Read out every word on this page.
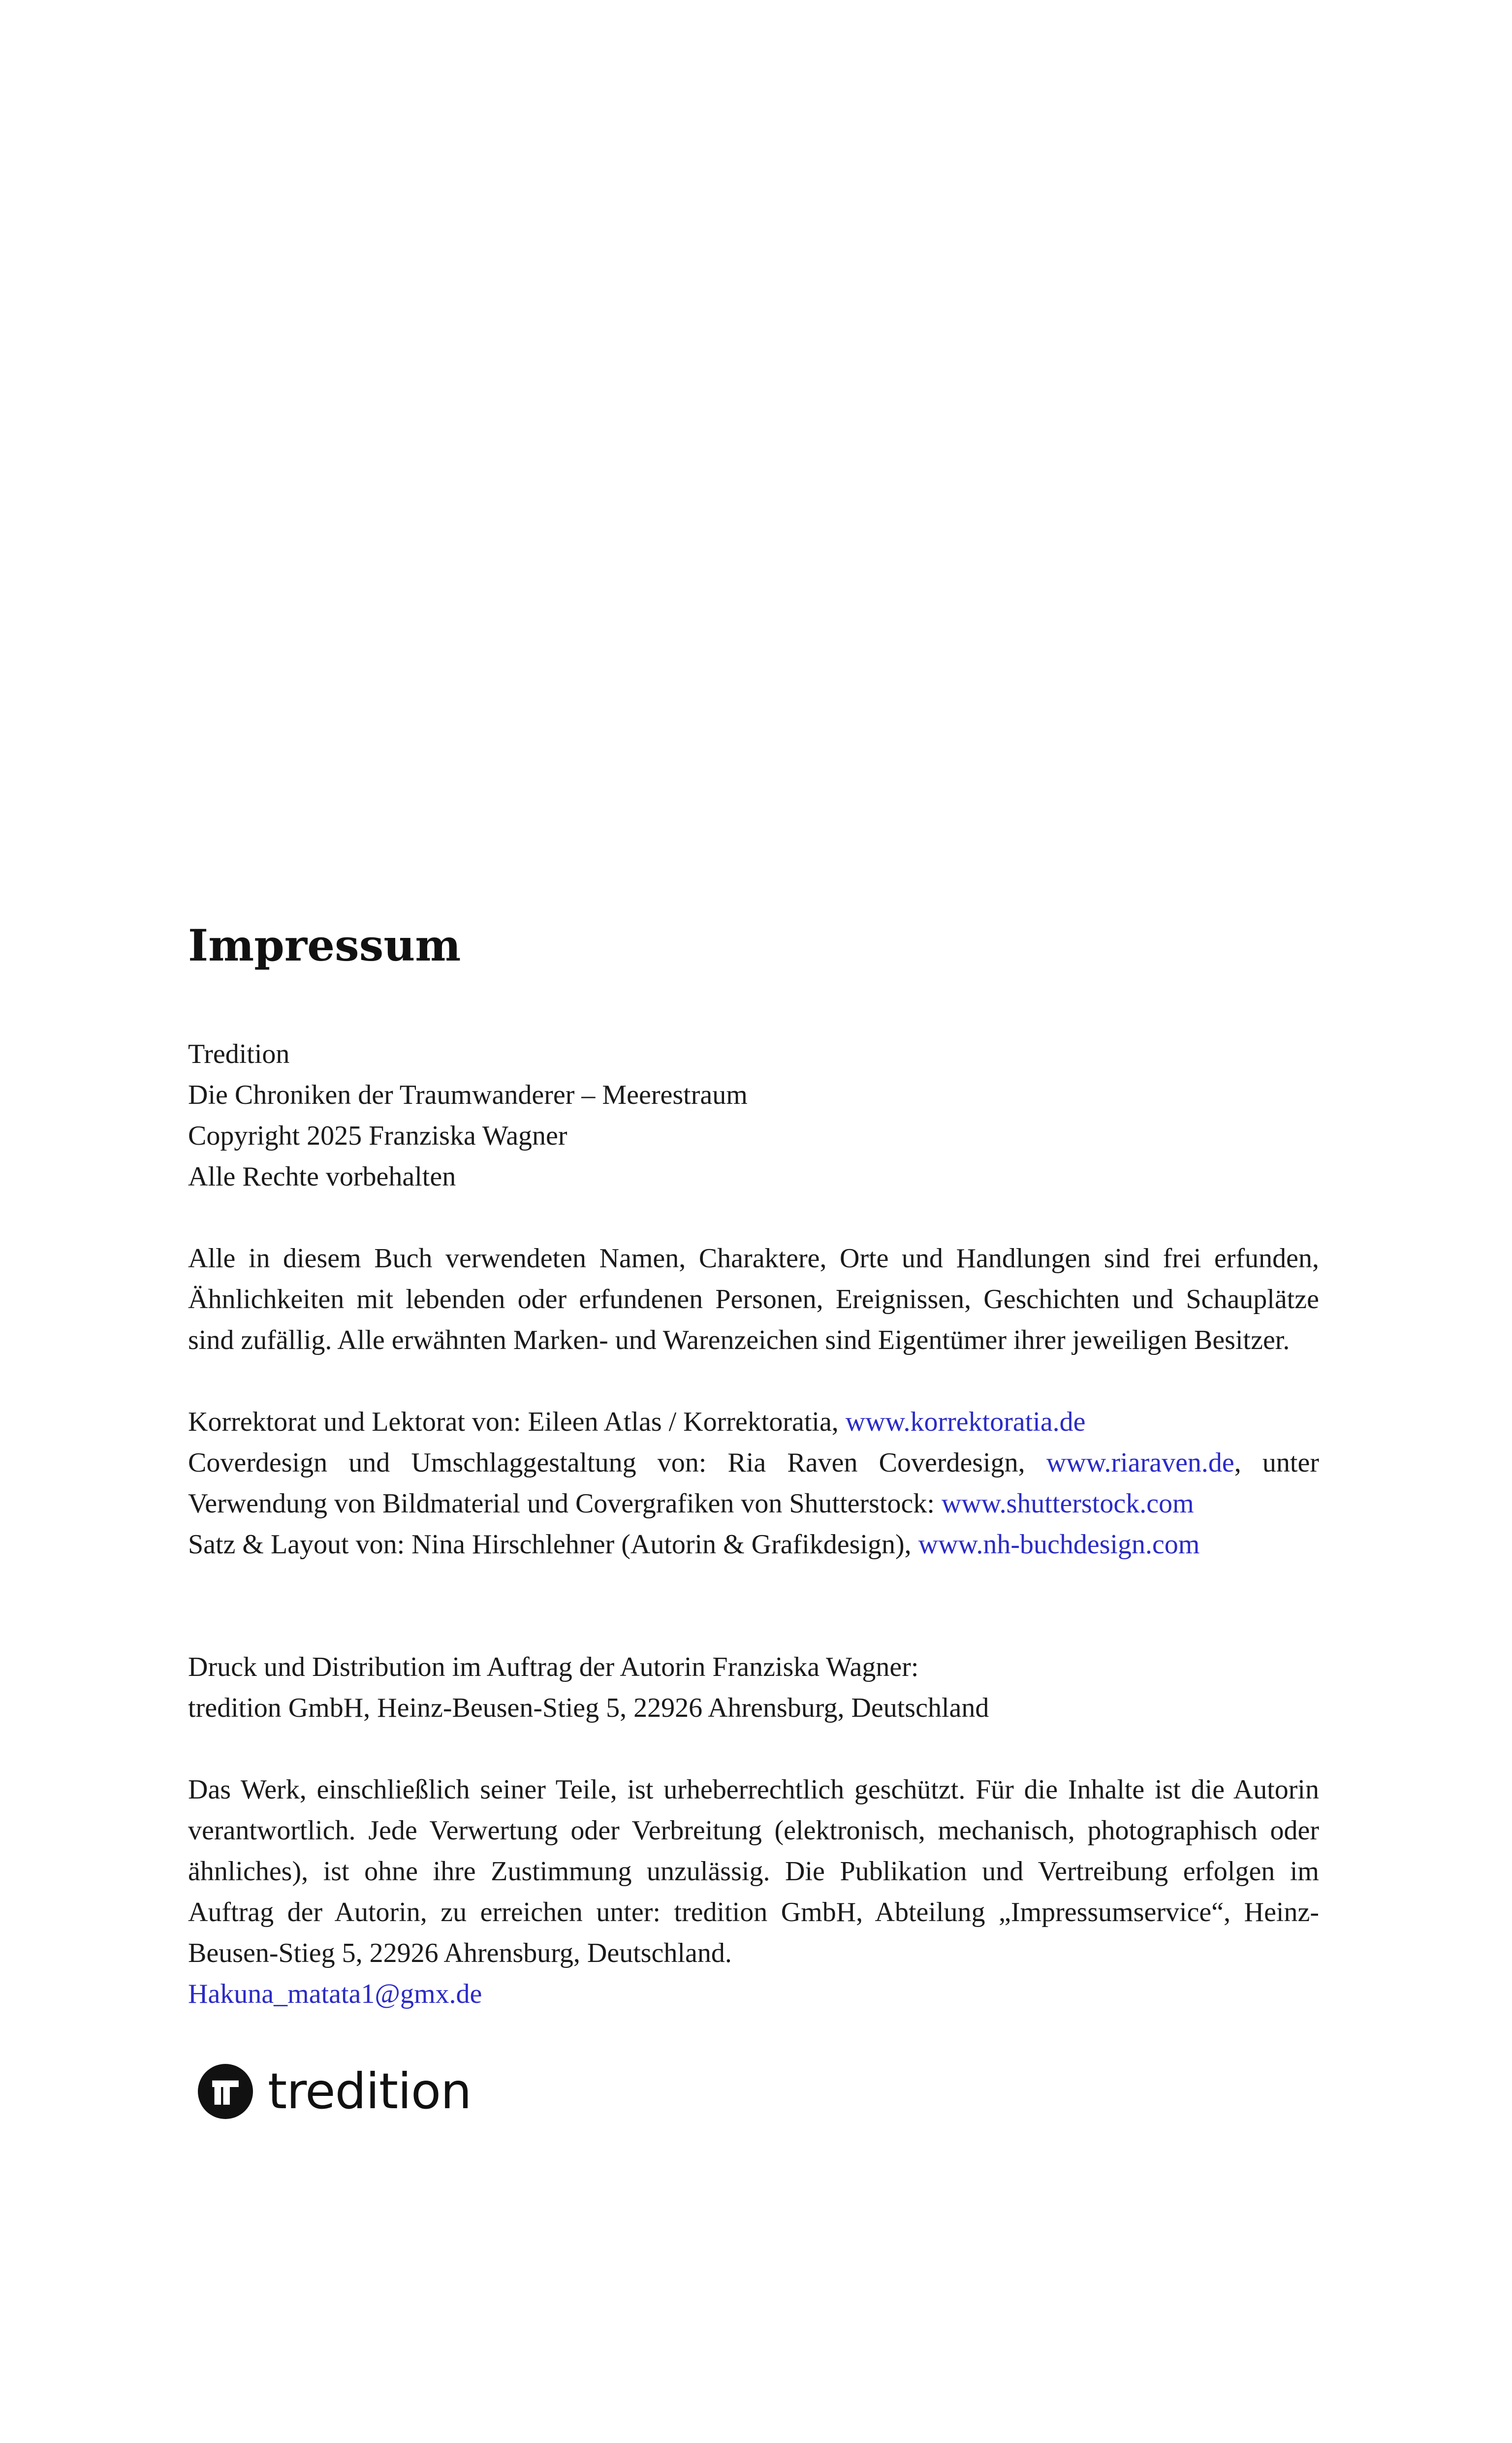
Impressum
Tredition
Die Chroniken der Traumwanderer – Meerestraum
Copyright 2025 Franziska Wagner
Alle Rechte vorbehalten

Alle in diesem Buch verwendeten Namen, Charaktere, Orte und Handlungen sind frei erfunden, Ähnlichkeiten mit lebenden oder erfundenen Personen, Ereignissen, Geschichten und Schauplätze sind zufällig. Alle erwähnten Marken- und Warenzeichen sind Eigentümer ihrer jeweiligen Besitzer.

Korrektorat und Lektorat von: Eileen Atlas / Korrektoratia, www.korrektoratia.de
Coverdesign und Umschlaggestaltung von: Ria Raven Coverdesign, www.riaraven.de, unter Verwendung von Bildmaterial und Covergrafiken von Shutterstock: www.shutterstock.com
Satz & Layout von: Nina Hirschlehner (Autorin & Grafikdesign), www.nh-buchdesign.com
Druck und Distribution im Auftrag der Autorin Franziska Wagner:
tredition GmbH, Heinz-Beusen-Stieg 5, 22926 Ahrensburg, Deutschland

Das Werk, einschließlich seiner Teile, ist urheberrechtlich geschützt. Für die Inhalte ist die Autorin verantwortlich. Jede Verwertung oder Verbreitung (elektronisch, mechanisch, photographisch oder ähnliches), ist ohne ihre Zustimmung unzulässig. Die Publikation und Vertreibung erfolgen im Auftrag der Autorin, zu erreichen unter: tredition GmbH, Abteilung „Impressumservice“, Heinz-Beusen-Stieg 5, 22926 Ahrensburg, Deutschland.

Hakuna_matata1@gmx.de
tredition
